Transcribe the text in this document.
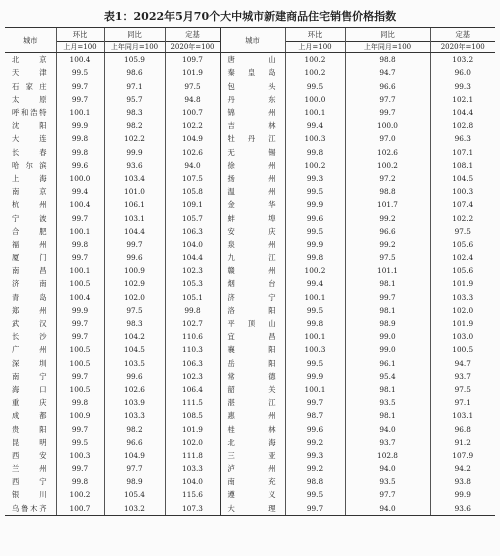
表1：2022年5月70个大中城市新建商品住宅销售价格指数
城市	环比	同比	定基	城市	环比	同比	定基
	上月=100	上年同月=100	2020年=100		上月=100	上年同月=100	2020年=100
北　京	100.4	105.9	109.7	唐　山	100.2	98.8	103.2
天　津	99.5	98.6	101.9	秦皇岛	100.2	94.7	96.0
石家庄	99.7	97.1	97.5	包　头	99.5	96.6	99.3
太　原	99.7	95.7	94.8	丹　东	100.0	97.7	102.1
呼和浩特	100.1	98.3	100.7	锦　州	100.1	99.7	104.4
沈　阳	99.9	98.2	102.2	吉　林	99.4	100.0	102.8
大　连	99.8	102.2	104.9	牡丹江	100.3	97.0	96.3
长　春	99.8	99.9	102.6	无　锡	99.8	102.6	107.1
哈尔滨	99.6	93.6	94.0	徐　州	100.2	100.2	108.1
上　海	100.0	103.4	107.5	扬　州	99.3	97.2	104.5
南　京	99.4	101.0	105.8	温　州	99.5	98.8	100.3
杭　州	100.4	106.1	109.1	金　华	99.9	101.7	107.4
宁　波	99.7	103.1	105.7	蚌　埠	99.6	99.2	102.2
合　肥	100.1	104.4	106.3	安　庆	99.5	96.6	97.5
福　州	99.8	99.7	104.0	泉　州	99.9	99.2	105.6
厦　门	99.7	99.6	104.4	九　江	99.8	97.5	102.4
南　昌	100.1	100.9	102.3	赣　州	100.2	101.1	105.6
济　南	100.5	102.9	105.3	烟　台	99.4	98.1	101.9
青　岛	100.4	102.0	105.1	济　宁	100.1	99.7	103.3
郑　州	99.9	97.5	99.8	洛　阳	99.5	98.1	102.0
武　汉	99.7	98.3	102.7	平顶山	99.8	98.9	101.9
长　沙	99.7	104.2	110.6	宜　昌	100.1	99.0	103.0
广　州	100.5	104.5	110.3	襄　阳	100.3	99.0	100.5
深　圳	100.5	103.5	106.3	岳　阳	99.5	96.1	94.7
南　宁	99.7	99.6	102.3	常　德	99.9	95.4	93.7
海　口	100.5	102.6	106.4	韶　关	100.1	98.1	97.5
重　庆	99.8	103.9	111.5	湛　江	99.7	93.5	97.1
成　都	100.9	103.3	108.5	惠　州	98.7	98.1	103.1
贵　阳	99.7	98.2	101.9	桂　林	99.6	94.0	96.8
昆　明	99.5	96.6	102.0	北　海	99.2	93.7	91.2
西　安	100.3	104.9	111.8	三　亚	99.3	102.8	107.9
兰　州	99.7	97.7	103.3	泸　州	99.2	94.0	94.2
西　宁	99.8	98.9	104.0	南　充	98.8	93.5	93.8
银　川	100.2	105.4	115.6	遵　义	99.5	97.7	99.9
乌鲁木齐	100.7	103.2	107.3	大　理	99.7	94.0	93.6
